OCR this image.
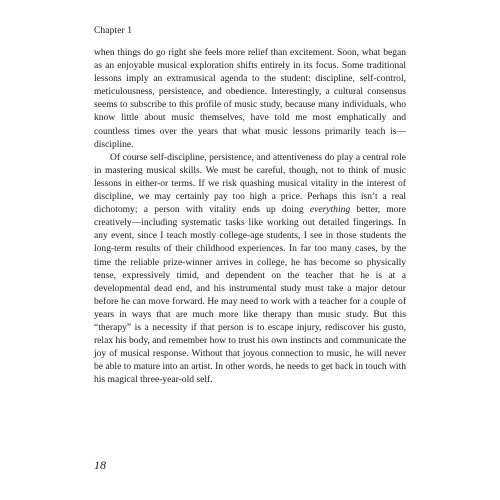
Chapter 1

when things do go right she feels more relief than excitement. Soon, what began as an enjoyable musical exploration shifts entirely in its focus. Some traditional lessons imply an extramusical agenda to the student: discipline, self-control, meticulousness, persistence, and obedience. Interestingly, a cultural consensus seems to subscribe to this profile of music study, because many individuals, who know little about music themselves, have told me most emphatically and countless times over the years that what music lessons primarily teach is—discipline.

Of course self-discipline, persistence, and attentiveness do play a central role in mastering musical skills. We must be careful, though, not to think of music lessons in either-or terms. If we risk quashing musical vitality in the interest of discipline, we may certainly pay too high a price. Perhaps this isn’t a real dichotomy; a person with vitality ends up doing everything better, more creatively—including systematic tasks like working out detailed fingerings. In any event, since I teach mostly college-age students, I see in those students the long-term results of their childhood experiences. In far too many cases, by the time the reliable prize-winner arrives in college, he has become so physically tense, expressively timid, and dependent on the teacher that he is at a developmental dead end, and his instrumental study must take a major detour before he can move forward. He may need to work with a teacher for a couple of years in ways that are much more like therapy than music study. But this “therapy” is a necessity if that person is to escape injury, rediscover his gusto, relax his body, and remember how to trust his own instincts and communicate the joy of musical response. Without that joyous connection to music, he will never be able to mature into an artist. In other words, he needs to get back in touch with his magical three-year-old self.

18
